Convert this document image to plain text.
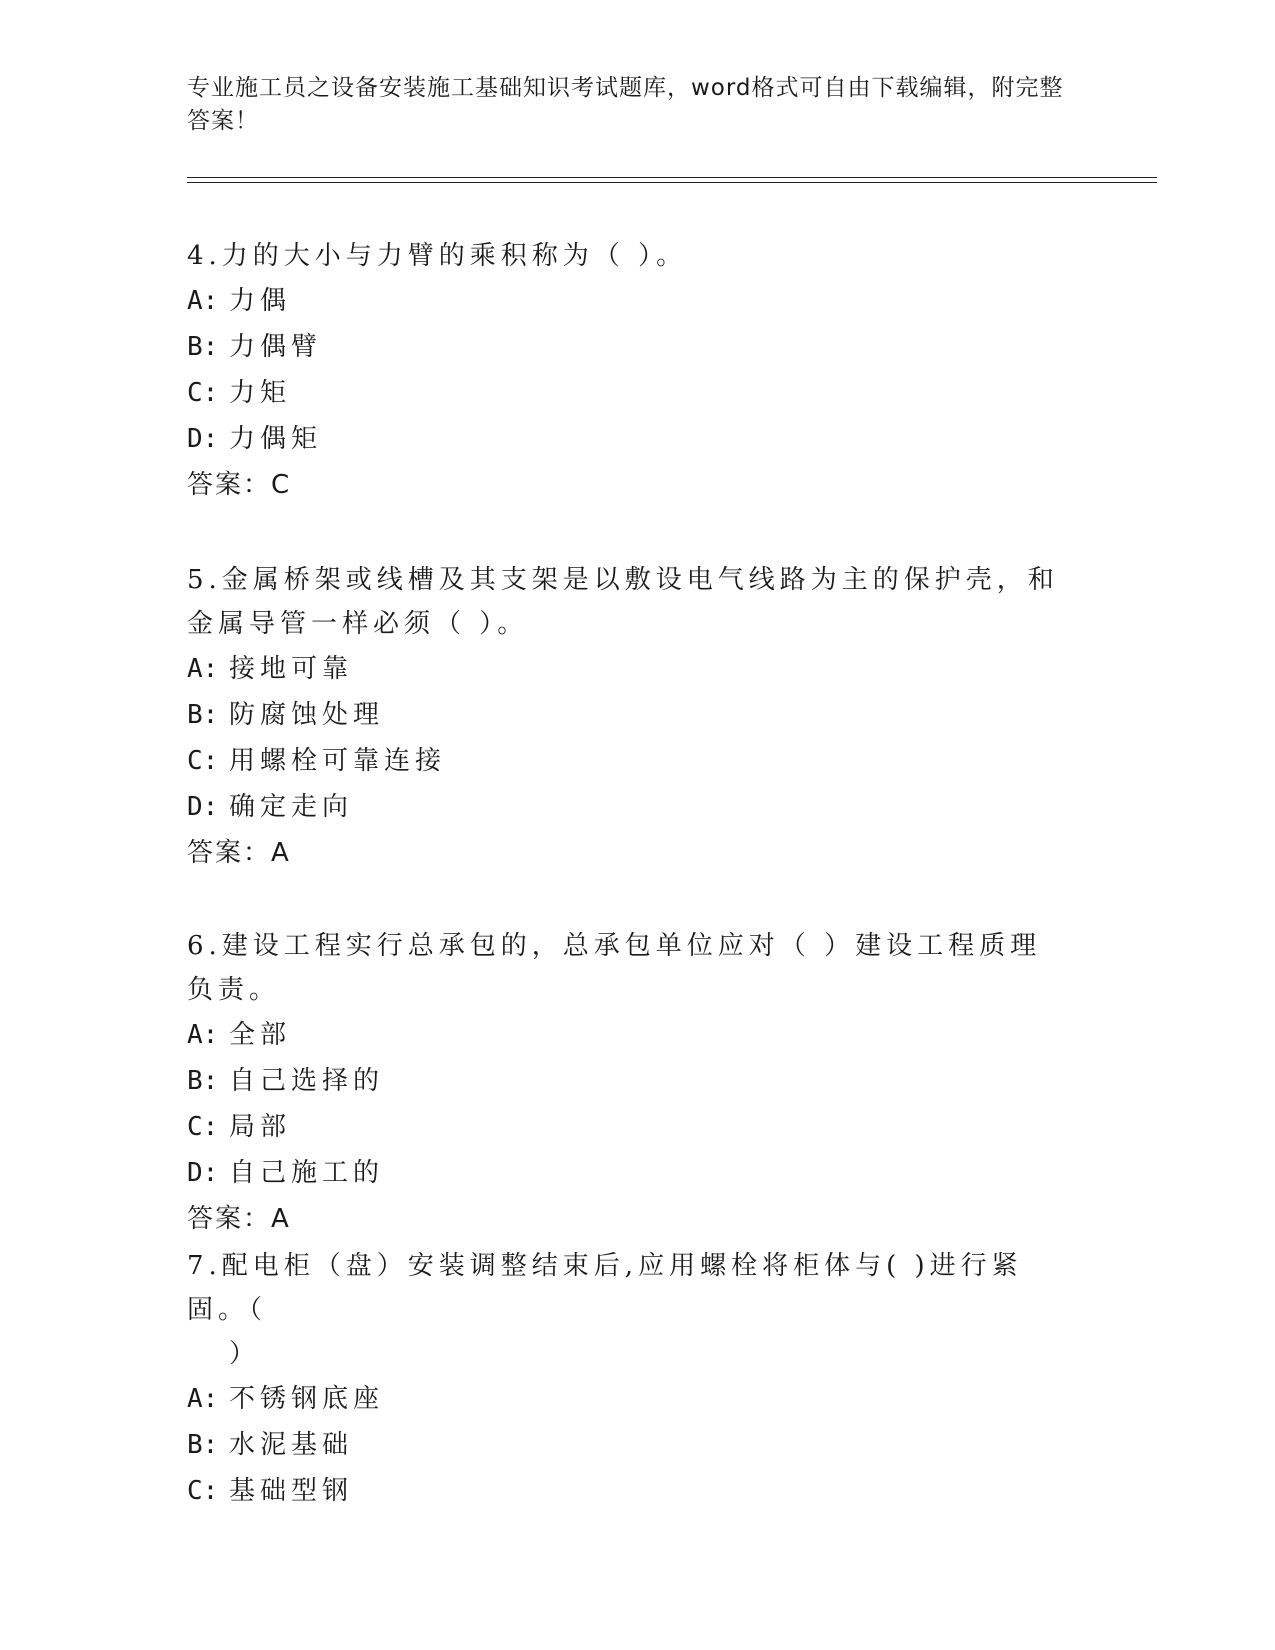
专业施工员之设备安装施工基础知识考试题库，word格式可自由下载编辑，附完整答案！

4.力的大小与力臂的乘积称为（ ）。

A: 力偶
B: 力偶臂
C: 力矩
D: 力偶矩
答案：C

5.金属桥架或线槽及其支架是以敷设电气线路为主的保护壳，和金属导管一样必须（ ）。

A: 接地可靠
B: 防腐蚀处理
C: 用螺栓可靠连接
D: 确定走向
答案：A

6.建设工程实行总承包的，总承包单位应对（ ）建设工程质理负责。

A: 全部
B: 自己选择的
C: 局部
D: 自己施工的
答案：A

7.配电柜（盘）安装调整结束后,应用螺栓将柜体与( )进行紧固。（
）

A: 不锈钢底座
B: 水泥基础
C: 基础型钢
